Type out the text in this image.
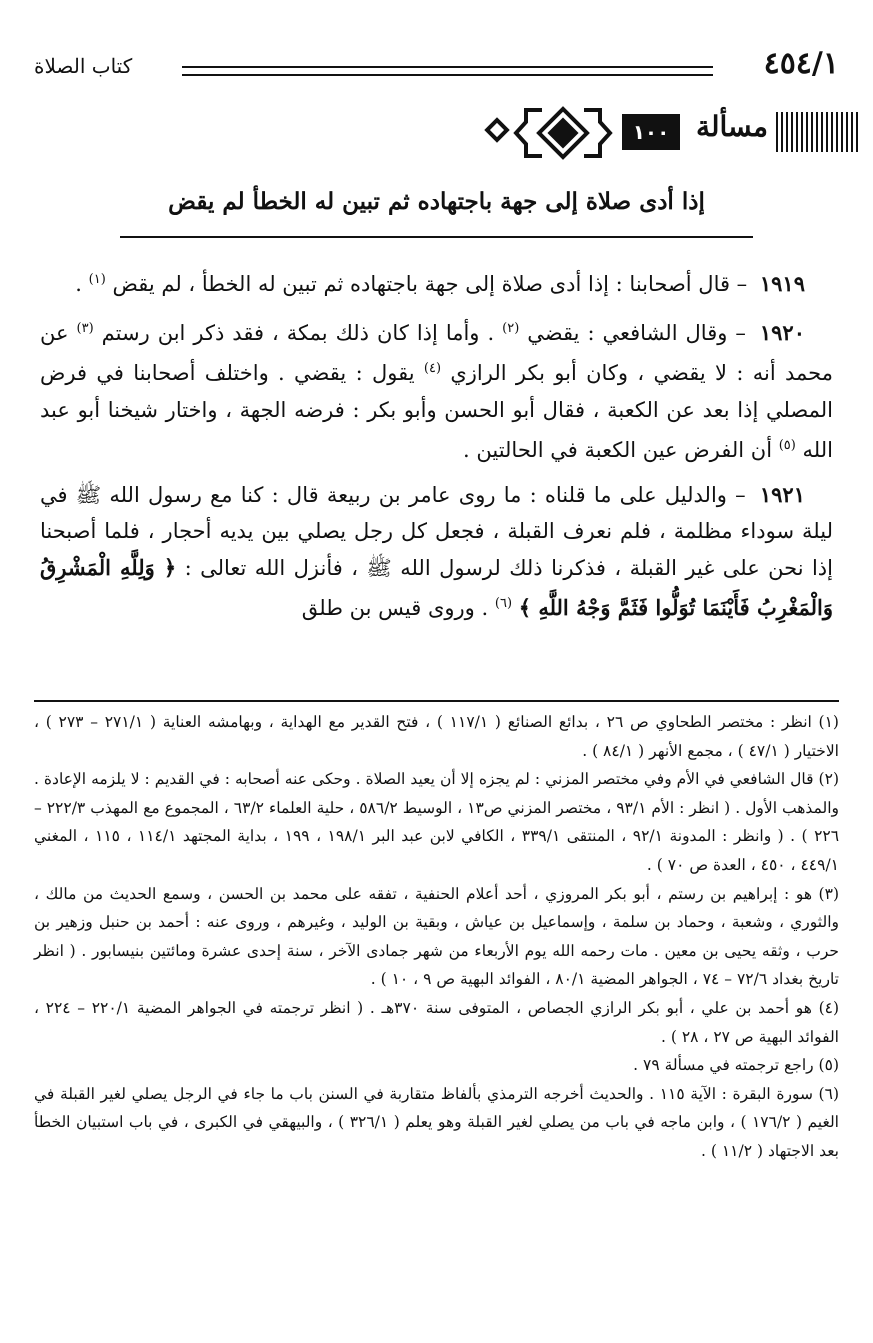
٤٥٤/١
كتاب الصلاة
مسألة
١٠٠
إذا أدى صلاة إلى جهة باجتهاده ثم تبين له الخطأ لم يقض

١٩١٩ – قال أصحابنا : إذا أدى صلاة إلى جهة باجتهاده ثم تبين له الخطأ ، لم يقض $^{(١)}$ .

١٩٢٠ – وقال الشافعي : يقضي $^{(٢)}$ . وأما إذا كان ذلك بمكة ، فقد ذكر ابن رستم $^{(٣)}$ عن محمد أنه : لا يقضي ، وكان أبو بكر الرازي $^{(٤)}$ يقول : يقضي . واختلف أصحابنا في فرض المصلي إذا بعد عن الكعبة ، فقال أبو الحسن وأبو بكر : فرضه الجهة ، واختار شيخنا أبو عبد الله $^{(٥)}$ أن الفرض عين الكعبة في الحالتين .

١٩٢١ – والدليل على ما قلناه : ما روى عامر بن ربيعة قال : كنا مع رسول الله ﷺ في ليلة سوداء مظلمة ، فلم نعرف القبلة ، فجعل كل رجل يصلي بين يديه أحجار ، فلما أصبحنا إذا نحن على غير القبلة ، فذكرنا ذلك لرسول الله ﷺ ، فأنزل الله تعالى : ﴿ وَلِلَّهِ الْمَشْرِقُ وَالْمَغْرِبُ فَأَيْنَمَا تُوَلُّوا فَثَمَّ وَجْهُ اللَّهِ ﴾ $^{(٦)}$ . وروى قيس بن طلق

(١) انظر : مختصر الطحاوي ص ٢٦ ، بدائع الصنائع ( ١١٧/١ ) ، فتح القدير مع الهداية ، وبهامشه العناية ( ٢٧١/١ – ٢٧٣ ) ، الاختيار ( ٤٧/١ ) ، مجمع الأنهر ( ٨٤/١ ) .

(٢) قال الشافعي في الأم وفي مختصر المزني : لم يجزه إلا أن يعيد الصلاة . وحكى عنه أصحابه : في القديم : لا يلزمه الإعادة . والمذهب الأول . ( انظر : الأم ٩٣/١ ، مختصر المزني ص١٣ ، الوسيط ٥٨٦/٢ ، حلية العلماء ٦٣/٢ ، المجموع مع المهذب ٢٢٢/٣ – ٢٢٦ ) . ( وانظر : المدونة ٩٢/١ ، المنتقى ٣٣٩/١ ، الكافي لابن عبد البر ١٩٨/١ ، ١٩٩ ، بداية المجتهد ١١٤/١ ، ١١٥ ، المغني ٤٤٩/١ ، ٤٥٠ ، العدة ص ٧٠ ) .

(٣) هو : إبراهيم بن رستم ، أبو بكر المروزي ، أحد أعلام الحنفية ، تفقه على محمد بن الحسن ، وسمع الحديث من مالك ، والثوري ، وشعبة ، وحماد بن سلمة ، وإسماعيل بن عياش ، وبقية بن الوليد ، وغيرهم ، وروى عنه : أحمد بن حنبل وزهير بن حرب ، وثقه يحيى بن معين . مات رحمه الله يوم الأربعاء من شهر جمادى الآخر ، سنة إحدى عشرة ومائتين بنيسابور . ( انظر تاريخ بغداد ٧٢/٦ – ٧٤ ، الجواهر المضية ٨٠/١ ، الفوائد البهية ص ٩ ، ١٠ ) .

(٤) هو أحمد بن علي ، أبو بكر الرازي الجصاص ، المتوفى سنة ٣٧٠هـ . ( انظر ترجمته في الجواهر المضية ٢٢٠/١ – ٢٢٤ ، الفوائد البهية ص ٢٧ ، ٢٨ ) .

(٥) راجع ترجمته في مسألة ٧٩ .

(٦) سورة البقرة : الآية ١١٥ . والحديث أخرجه الترمذي بألفاظ متقاربة في السنن باب ما جاء في الرجل يصلي لغير القبلة في الغيم ( ١٧٦/٢ ) ، وابن ماجه في باب من يصلي لغير القبلة وهو يعلم ( ٣٢٦/١ ) ، والبيهقي في الكبرى ، في باب استبيان الخطأ بعد الاجتهاد ( ١١/٢ ) .
